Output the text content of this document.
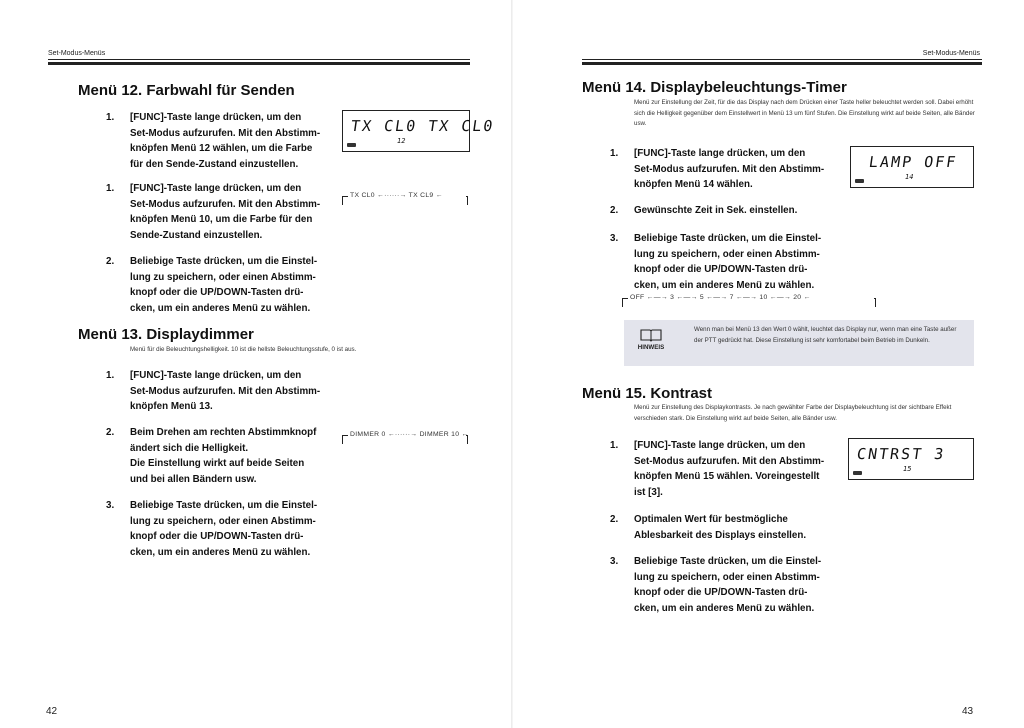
Set-Modus-Menüs
Menü 12. Farbwahl für Senden
1. [FUNC]-Taste lange drücken, um den
Set-Modus aufzurufen. Mit den Abstimm-
knöpfen Menü 12 wählen, um die Farbe
für den Sende-Zustand einzustellen.
TX CL0 TX CL0
12
1. [FUNC]-Taste lange drücken, um den
Set-Modus aufzurufen. Mit den Abstimm-
knöpfen Menü 10, um die Farbe für den
Sende-Zustand einzustellen.
TX CL0 ←······→ TX CL9 ←
2. Beliebige Taste drücken, um die Einstel-
lung zu speichern, oder einen Abstimm-
knopf oder die UP/DOWN-Tasten drü-
cken, um ein anderes Menü zu wählen.
Menü 13. Displaydimmer
Menü für die Beleuchtungshelligkeit. 10 ist die hellste Beleuchtungsstufe, 0 ist aus.
1. [FUNC]-Taste lange drücken, um den
Set-Modus aufzurufen. Mit den Abstimm-
knöpfen Menü 13.
2. Beim Drehen am rechten Abstimmknopf
ändert sich die Helligkeit.
Die Einstellung wirkt auf beide Seiten
und bei allen Bändern usw.
DIMMER 0 ←······→ DIMMER 10 ←
3. Beliebige Taste drücken, um die Einstel-
lung zu speichern, oder einen Abstimm-
knopf oder die UP/DOWN-Tasten drü-
cken, um ein anderes Menü zu wählen.
42
Set-Modus-Menüs
Menü 14. Displaybeleuchtungs-Timer
Menü zur Einstellung der Zeit, für die das Display nach dem Drücken einer Taste heller beleuchtet werden soll. Dabei erhöht sich die Helligkeit gegenüber dem Einstellwert in Menü 13 um fünf Stufen. Die Einstellung wirkt auf beide Seiten, alle Bänder usw.
1. [FUNC]-Taste lange drücken, um den
Set-Modus aufzurufen. Mit den Abstimm-
knöpfen Menü 14 wählen.
LAMP OFF
14
2. Gewünschte Zeit in Sek. einstellen.
3. Beliebige Taste drücken, um die Einstel-
lung zu speichern, oder einen Abstimm-
knopf oder die UP/DOWN-Tasten drü-
cken, um ein anderes Menü zu wählen.
OFF ←—→ 3 ←—→ 5 ←—→ 7 ←—→ 10 ←—→ 20 ←
HINWEIS
Wenn man bei Menü 13 den Wert 0 wählt, leuchtet das Display nur, wenn man eine Taste außer der PTT gedrückt hat. Diese Einstellung ist sehr komfortabel beim Betrieb im Dunkeln.
Menü 15. Kontrast
Menü zur Einstellung des Displaykontrasts. Je nach gewählter Farbe der Displaybeleuchtung ist der sichtbare Effekt verschieden stark. Die Einstellung wirkt auf beide Seiten, alle Bänder usw.
1. [FUNC]-Taste lange drücken, um den
Set-Modus aufzurufen. Mit den Abstimm-
knöpfen Menü 15 wählen. Voreingestellt
ist [3].
CNTRST 3
15
2. Optimalen Wert für bestmögliche
Ablesbarkeit des Displays einstellen.
3. Beliebige Taste drücken, um die Einstel-
lung zu speichern, oder einen Abstimm-
knopf oder die UP/DOWN-Tasten drü-
cken, um ein anderes Menü zu wählen.
43
